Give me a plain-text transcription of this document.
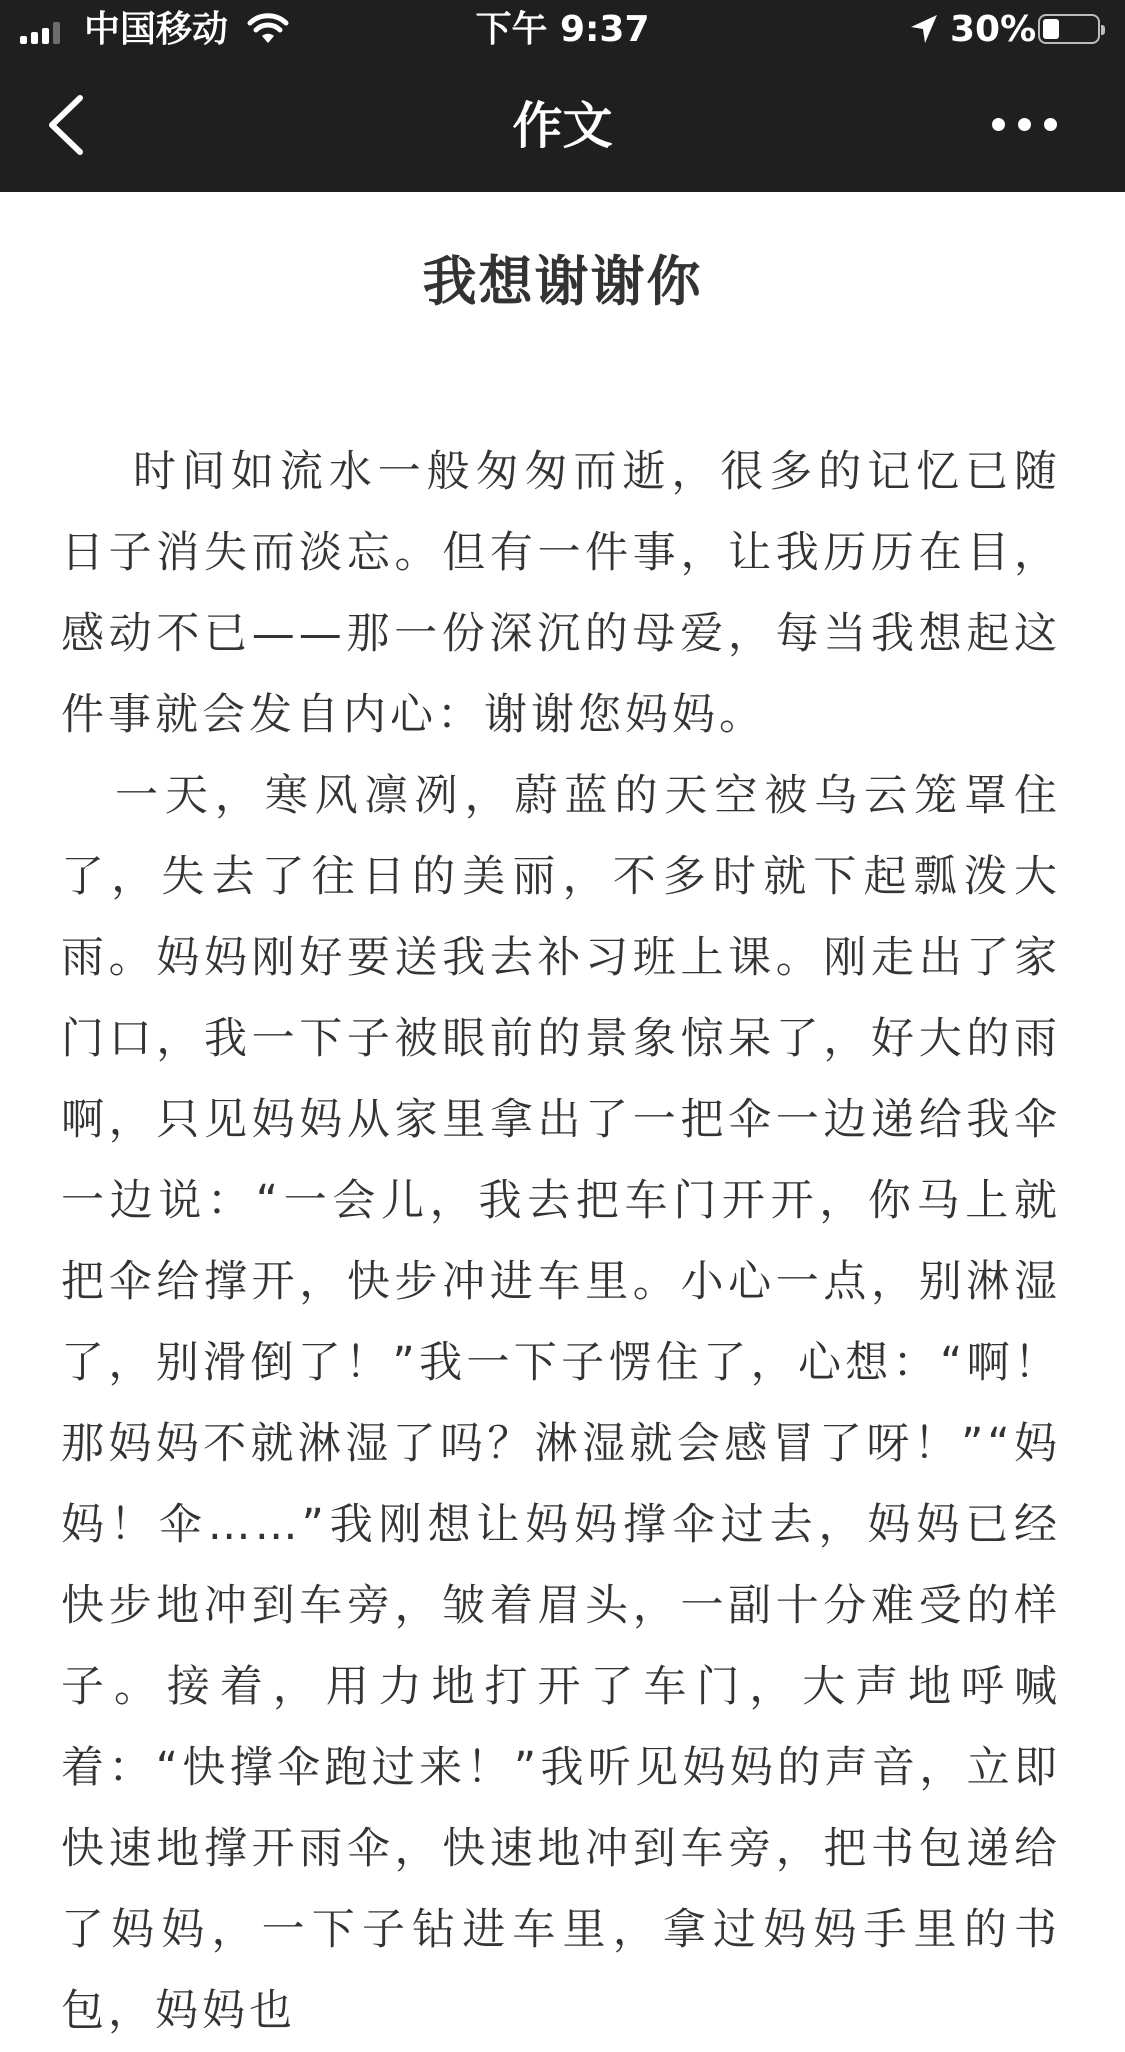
中国移动	下午 9:37	30%
作文
我想谢谢你

时间如流水一般匆匆而逝，很多的记忆已随日子消失而淡忘。但有一件事，让我历历在目，感动不已——那一份深沉的母爱，每当我想起这件事就会发自内心：谢谢您妈妈。

一天，寒风凛冽，蔚蓝的天空被乌云笼罩住了，失去了往日的美丽，不多时就下起瓢泼大雨。妈妈刚好要送我去补习班上课。刚走出了家门口，我一下子被眼前的景象惊呆了，好大的雨啊，只见妈妈从家里拿出了一把伞一边递给我伞一边说：“一会儿，我去把车门开开，你马上就把伞给撑开，快步冲进车里。小心一点，别淋湿了，别滑倒了！”我一下子愣住了，心想：“啊！那妈妈不就淋湿了吗？淋湿就会感冒了呀！”“妈妈！伞……”我刚想让妈妈撑伞过去，妈妈已经快步地冲到车旁，皱着眉头，一副十分难受的样子。接着，用力地打开了车门，大声地呼喊着：“快撑伞跑过来！”我听见妈妈的声音，立即快速地撑开雨伞，快速地冲到车旁，把书包递给了妈妈，一下子钻进车里，拿过妈妈手里的书包，妈妈也
